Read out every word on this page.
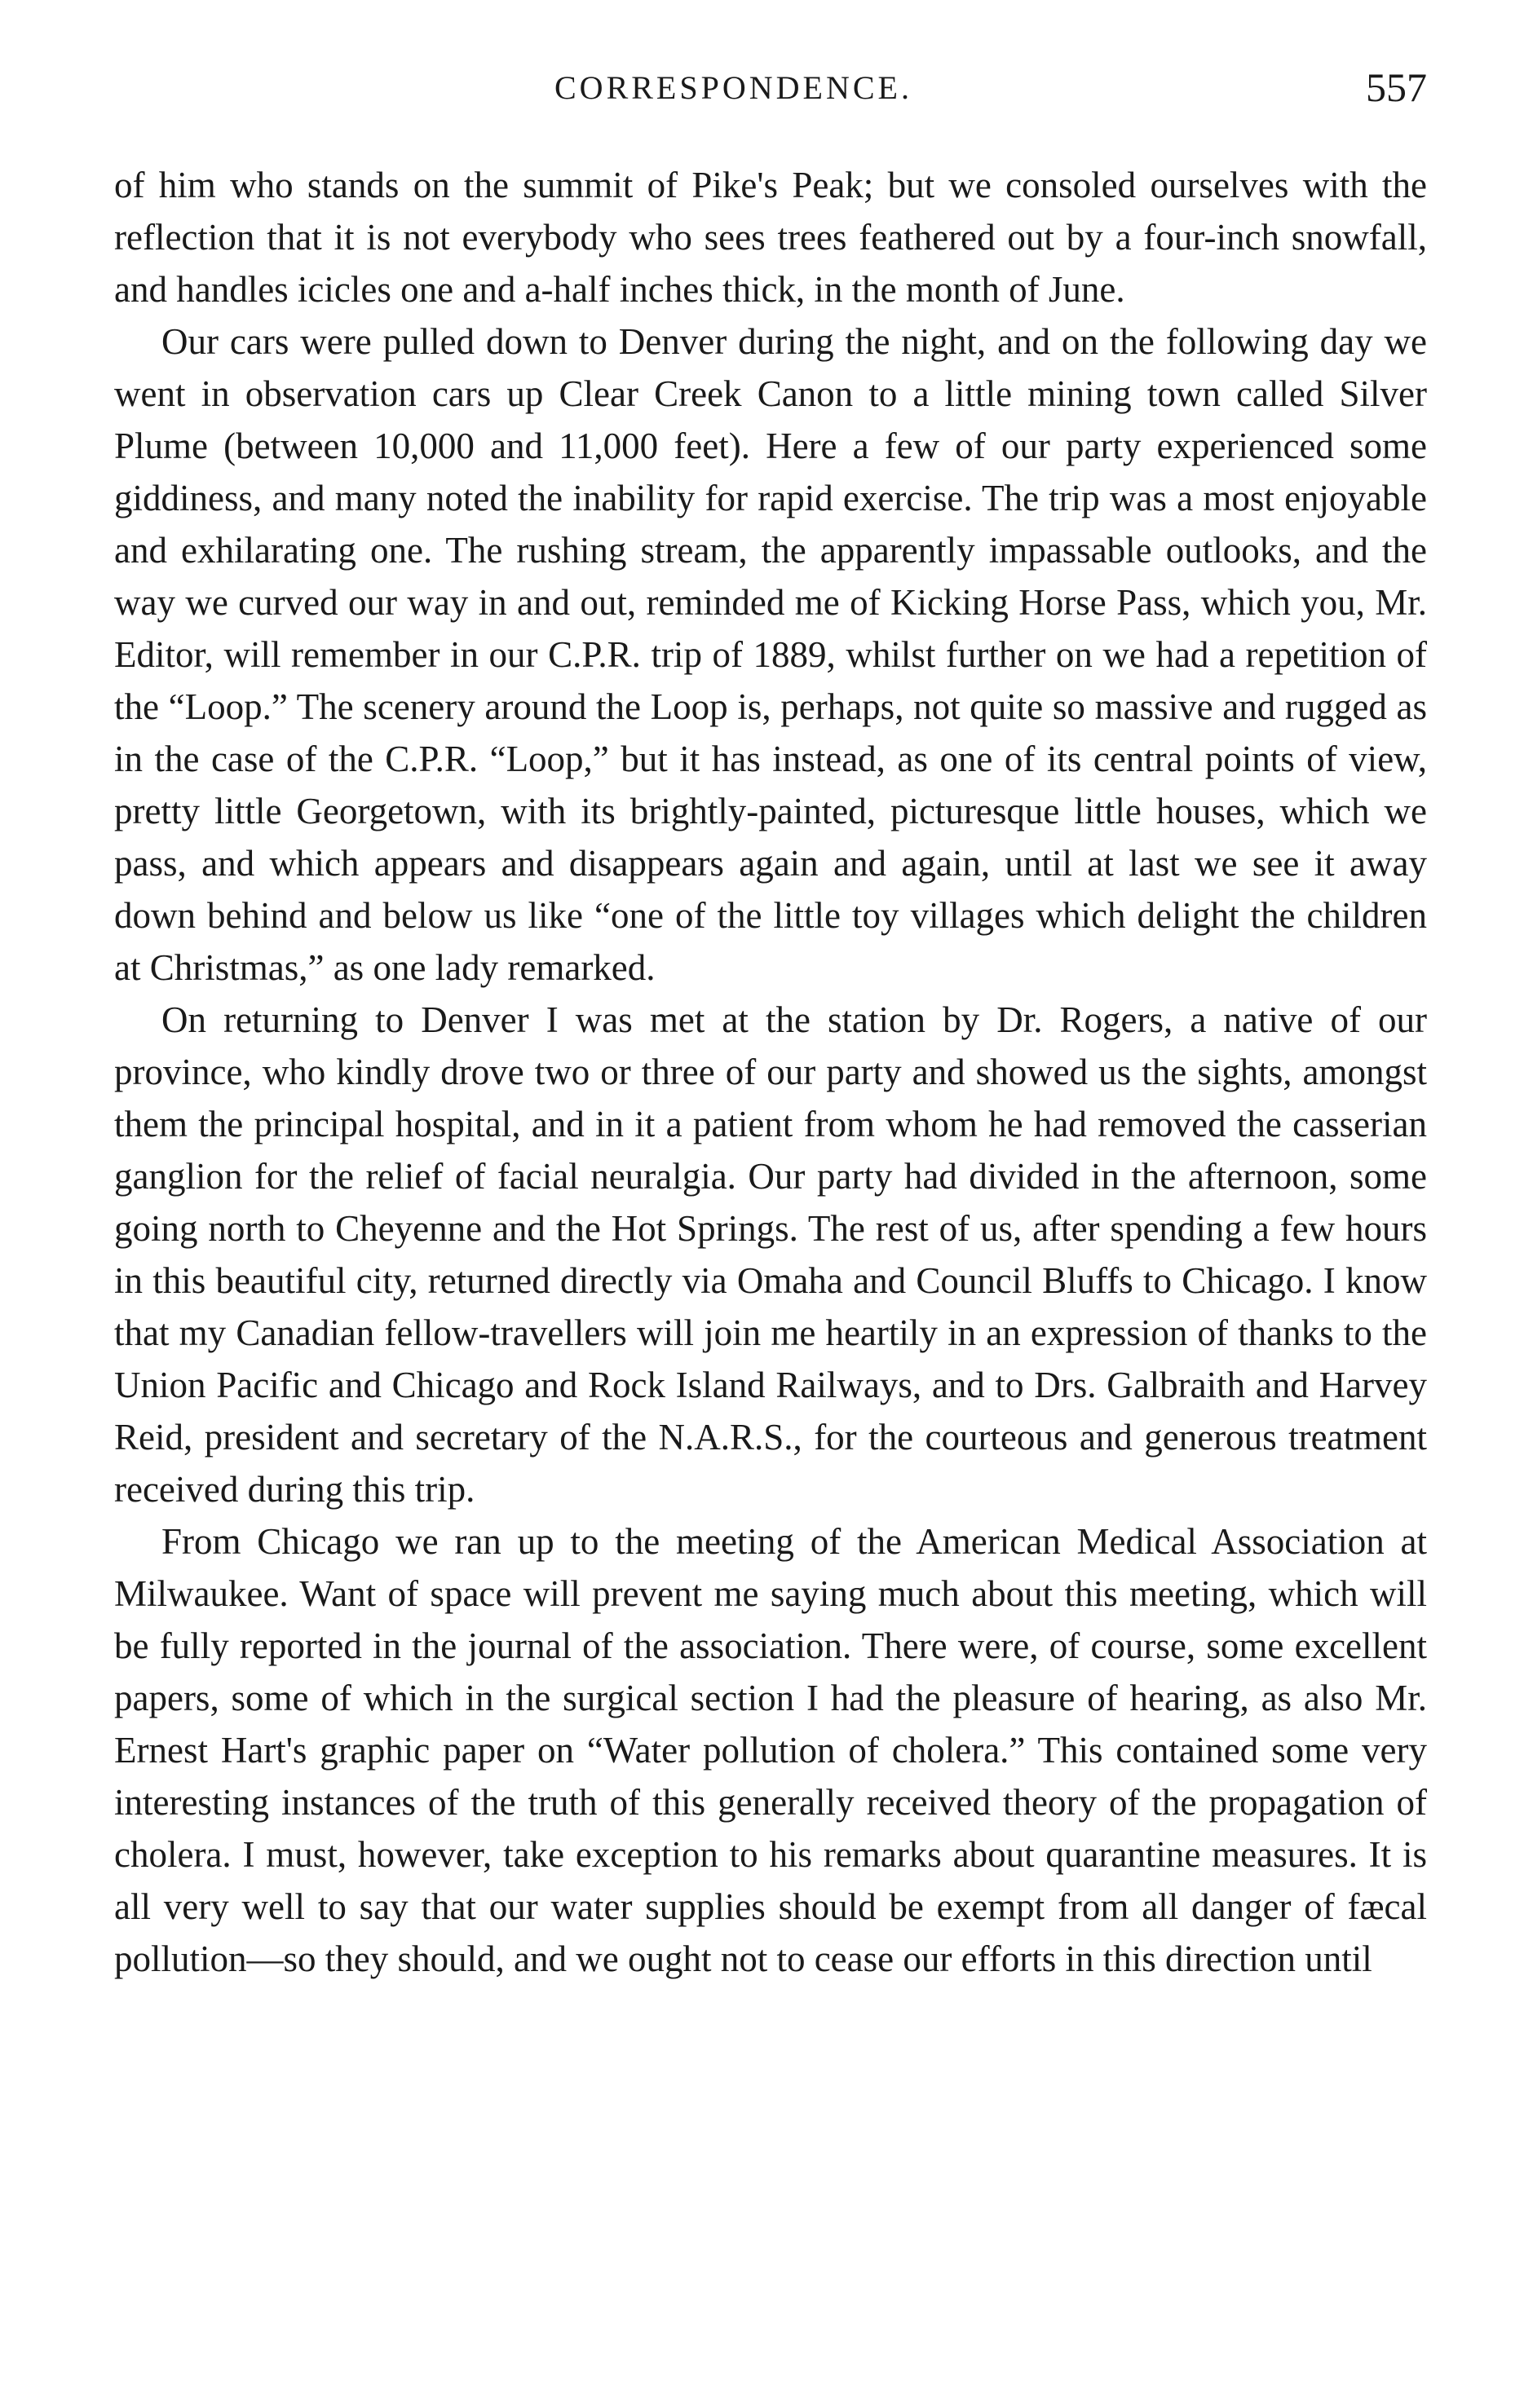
CORRESPONDENCE.	557

of him who stands on the summit of Pike's Peak; but we consoled ourselves with the reflection that it is not everybody who sees trees feathered out by a four-inch snowfall, and handles icicles one and a-half inches thick, in the month of June.

Our cars were pulled down to Denver during the night, and on the following day we went in observation cars up Clear Creek Canon to a little mining town called Silver Plume (between 10,000 and 11,000 feet). Here a few of our party experienced some giddiness, and many noted the inability for rapid exercise. The trip was a most enjoyable and exhilarating one. The rushing stream, the apparently impassable outlooks, and the way we curved our way in and out, reminded me of Kicking Horse Pass, which you, Mr. Editor, will remember in our C.P.R. trip of 1889, whilst further on we had a repetition of the “Loop.” The scenery around the Loop is, perhaps, not quite so massive and rugged as in the case of the C.P.R. “Loop,” but it has instead, as one of its central points of view, pretty little Georgetown, with its brightly-painted, picturesque little houses, which we pass, and which appears and disappears again and again, until at last we see it away down behind and below us like “one of the little toy villages which delight the children at Christmas,” as one lady remarked.

On returning to Denver I was met at the station by Dr. Rogers, a native of our province, who kindly drove two or three of our party and showed us the sights, amongst them the principal hospital, and in it a patient from whom he had removed the casserian ganglion for the relief of facial neuralgia. Our party had divided in the afternoon, some going north to Cheyenne and the Hot Springs. The rest of us, after spending a few hours in this beautiful city, returned directly via Omaha and Council Bluffs to Chicago. I know that my Canadian fellow-travellers will join me heartily in an expression of thanks to the Union Pacific and Chicago and Rock Island Railways, and to Drs. Galbraith and Harvey Reid, president and secretary of the N.A.R.S., for the courteous and generous treatment received during this trip.

From Chicago we ran up to the meeting of the American Medical Association at Milwaukee. Want of space will prevent me saying much about this meeting, which will be fully reported in the journal of the association. There were, of course, some excellent papers, some of which in the surgical section I had the pleasure of hearing, as also Mr. Ernest Hart's graphic paper on “Water pollution of cholera.” This contained some very interesting instances of the truth of this generally received theory of the propagation of cholera. I must, however, take exception to his remarks about quarantine measures. It is all very well to say that our water supplies should be exempt from all danger of fæcal pollution—so they should, and we ought not to cease our efforts in this direction until
